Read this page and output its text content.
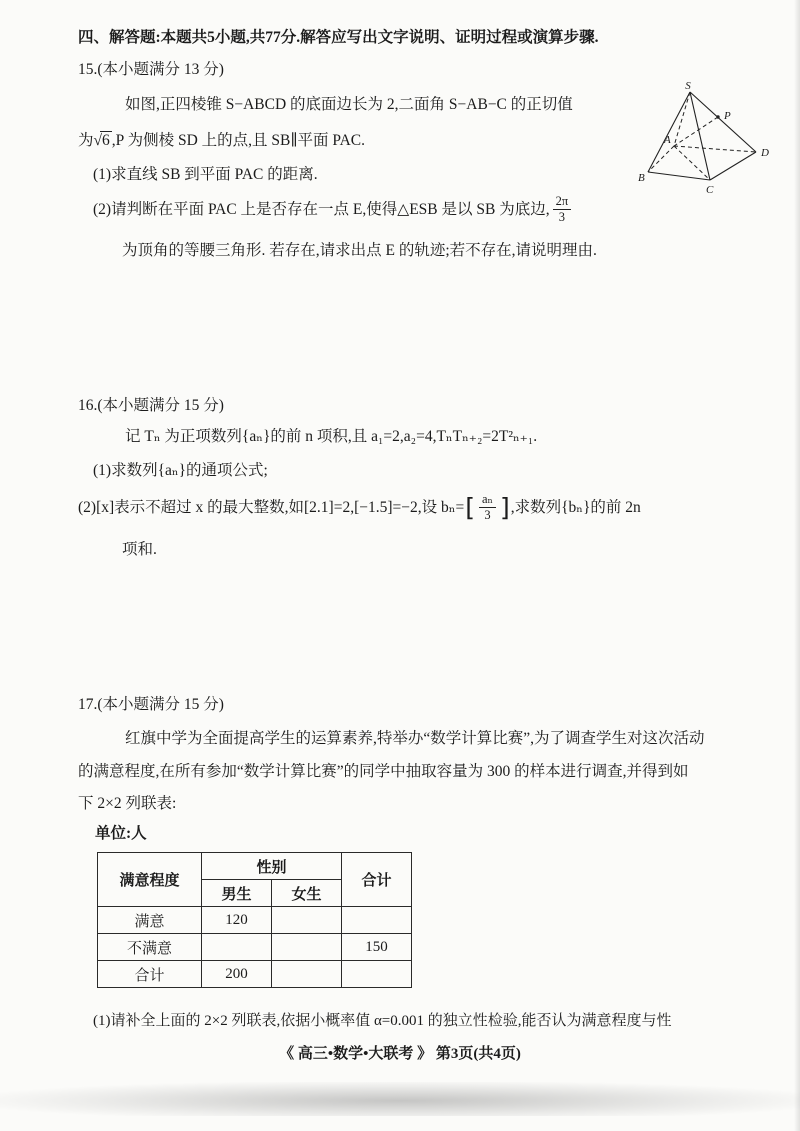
四、解答题:本题共5小题,共77分.解答应写出文字说明、证明过程或演算步骤.
15.(本小题满分 13 分)
如图,正四棱锥 S−ABCD 的底面边长为 2,二面角 S−AB−C 的正切值
为√6 ,P 为侧棱 SD 上的点,且 SB∥平面 PAC.
(1)求直线 SB 到平面 PAC 的距离.
(2)请判断在平面 PAC 上是否存在一点 E,使得△ESB 是以 SB 为底边, $\frac{2\pi}{3}$
为顶角的等腰三角形. 若存在,请求出点 E 的轨迹;若不存在,请说明理由.
S
P
A
B
C
D
16.(本小题满分 15 分)
记 Tₙ 为正项数列{aₙ}的前 n 项积,且 a₁=2,a₂=4,TₙTₙ₊₂=2T²ₙ₊₁.
(1)求数列{aₙ}的通项公式;
(2)[x]表示不超过 x 的最大整数,如[2.1]=2,[−1.5]=−2,设 bₙ= [ $\frac{\text{aₙ}}{3}$ ] ,求数列{bₙ}的前 2n
项和.
17.(本小题满分 15 分)
红旗中学为全面提高学生的运算素养,特举办“数学计算比赛”,为了调查学生对这次活动
的满意程度,在所有参加“数学计算比赛”的同学中抽取容量为 300 的样本进行调查,并得到如
下 2×2 列联表:
单位:人
满意程度	性别		合计
	男生	女生	
满意	120		
不满意			150
合计	200		
(1)请补全上面的 2×2 列联表,依据小概率值 α=0.001 的独立性检验,能否认为满意程度与性
《 高三•数学•大联考 》 第3页(共4页)
